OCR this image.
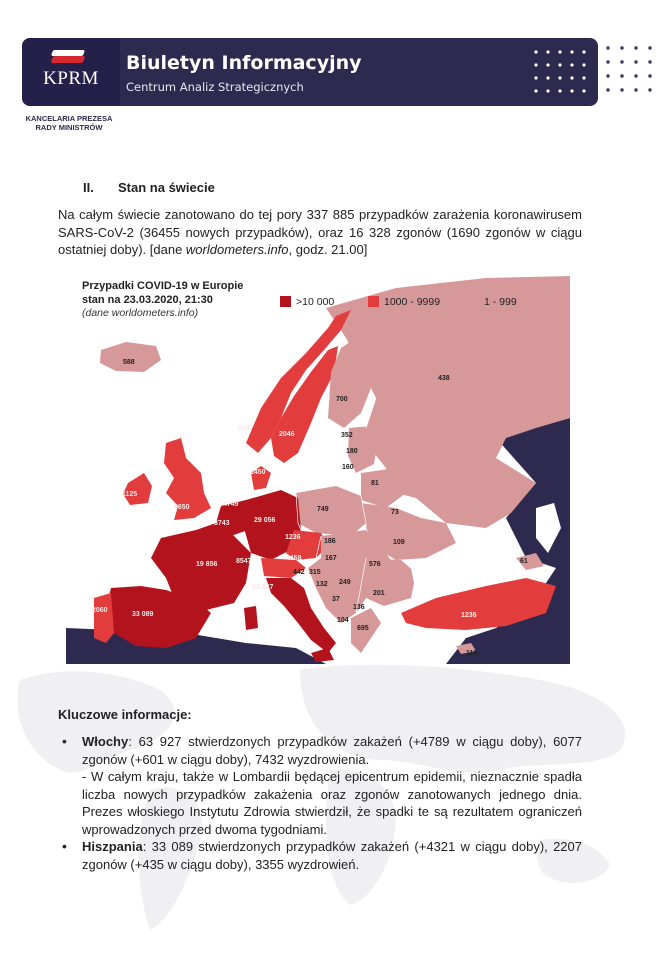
KPRM
Biuletyn Informacyjny
Centrum Analiz Strategicznych
KANCELARIA PREZESA
RADY MINISTRÓW
II. Stan na świecie
Na całym świecie zanotowano do tej pory 337 885 przypadków zarażenia koronawirusem SARS-CoV-2 (36455 nowych przypadków), oraz 16 328 zgonów (1690 zgonów w ciągu ostatniej doby). [dane worldometers.info, godz. 21.00]
Przypadki COVID-19 w Europie
stan na 23.03.2020, 21:30
(dane worldometers.info)
>10 000	1000 - 9999	1 - 999
588
438
700
2047
2046	352
180
160
81
1125
6650
1450
4749
3743	29 056
749	73
1236
186	109
8547	4468	167
19 856
442 315
576
132 249
37
201
136
61
104
695
2060
33 089
63 927
1236
116
Kluczowe informacje:
• Włochy: 63 927 stwierdzonych przypadków zakażeń (+4789 w ciągu doby), 6077 zgonów (+601 w ciągu doby), 7432 wyzdrowienia.
- W całym kraju, także w Lombardii będącej epicentrum epidemii, nieznacznie spadła liczba nowych przypadków zakażenia oraz zgonów zanotowanych jednego dnia. Prezes włoskiego Instytutu Zdrowia stwierdził, że spadki te są rezultatem ograniczeń wprowadzonych przed dwoma tygodniami.
• Hiszpania: 33 089 stwierdzonych przypadków zakażeń (+4321 w ciągu doby), 2207 zgonów (+435 w ciągu doby), 3355 wyzdrowień.
